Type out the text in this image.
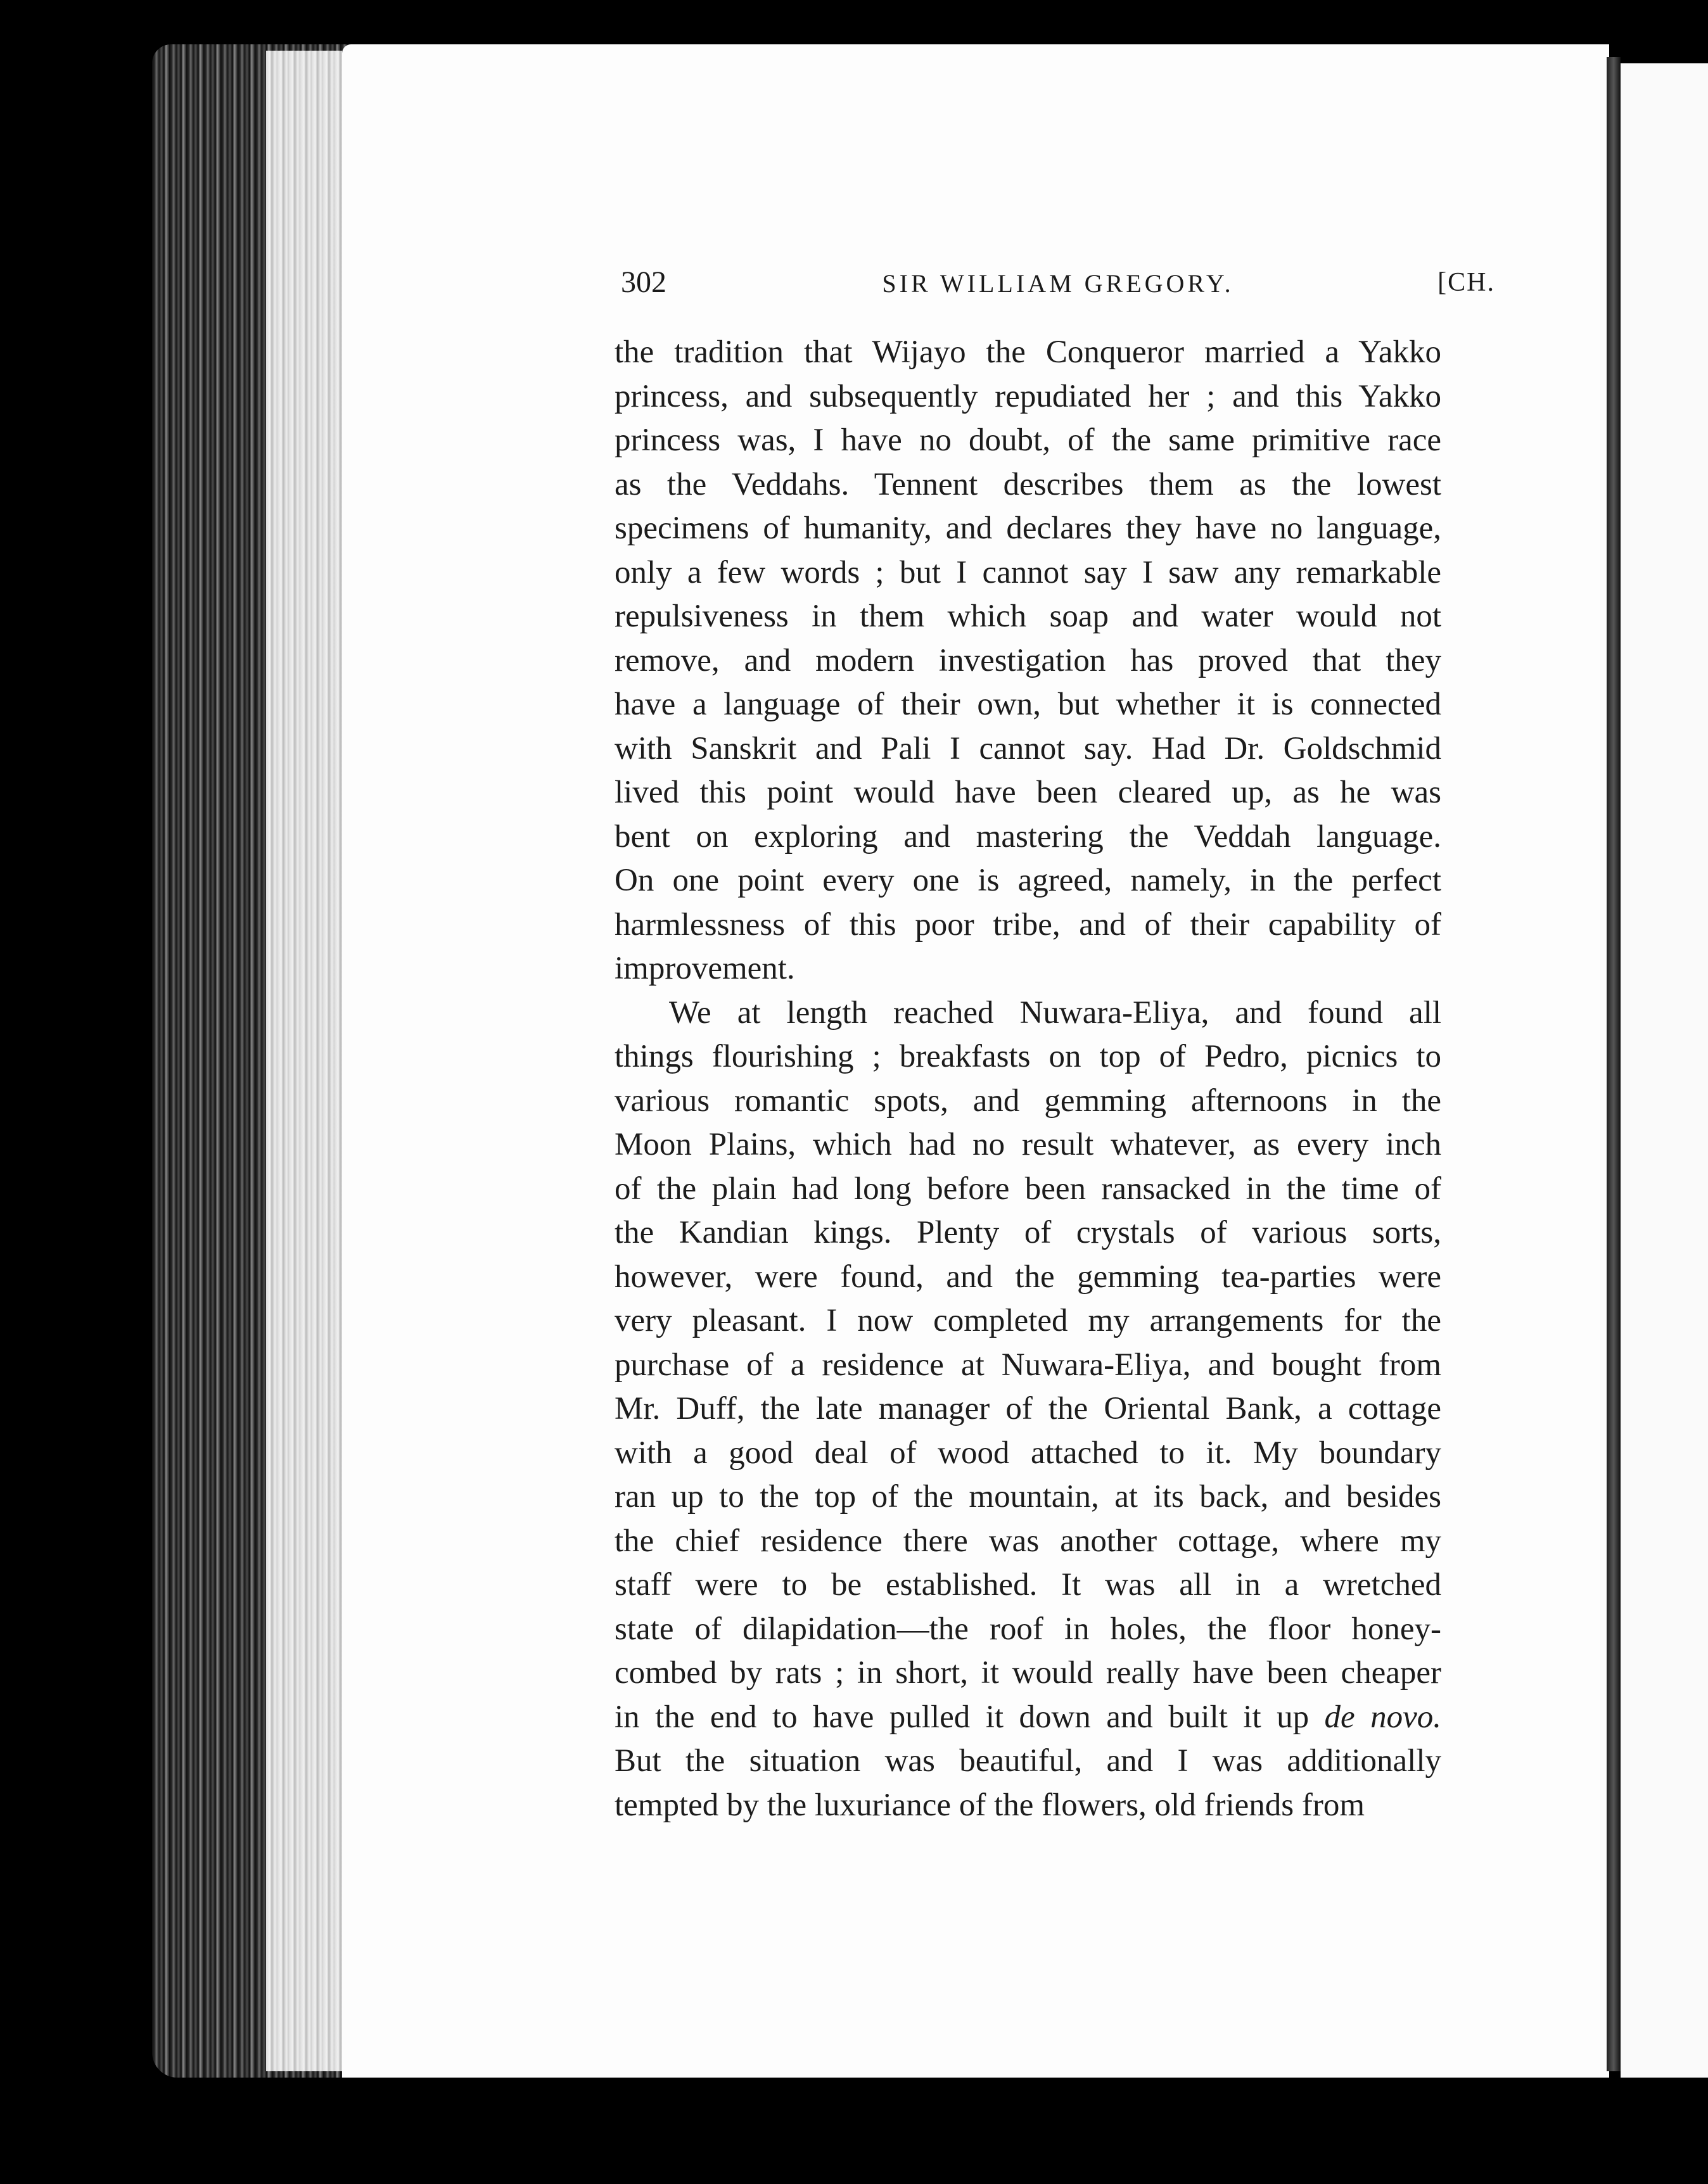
302	SIR WILLIAM GREGORY.	[CH.
the tradition that Wijayo the Conqueror married a Yakko
princess, and subsequently repudiated her ; and this Yakko
princess was, I have no doubt, of the same primitive race
as the Veddahs. Tennent describes them as the lowest
specimens of humanity, and declares they have no language,
only a few words ; but I cannot say I saw any remarkable
repulsiveness in them which soap and water would not
remove, and modern investigation has proved that they
have a language of their own, but whether it is connected
with Sanskrit and Pali I cannot say. Had Dr. Goldschmid
lived this point would have been cleared up, as he was
bent on exploring and mastering the Veddah language.
On one point every one is agreed, namely, in the perfect
harmlessness of this poor tribe, and of their capability of
improvement.
We at length reached Nuwara-Eliya, and found all
things flourishing ; breakfasts on top of Pedro, picnics to
various romantic spots, and gemming afternoons in the
Moon Plains, which had no result whatever, as every inch
of the plain had long before been ransacked in the time of
the Kandian kings. Plenty of crystals of various sorts,
however, were found, and the gemming tea-parties were
very pleasant. I now completed my arrangements for the
purchase of a residence at Nuwara-Eliya, and bought from
Mr. Duff, the late manager of the Oriental Bank, a cottage
with a good deal of wood attached to it. My boundary
ran up to the top of the mountain, at its back, and besides
the chief residence there was another cottage, where my
staff were to be established. It was all in a wretched
state of dilapidation—the roof in holes, the floor honey-
combed by rats ; in short, it would really have been cheaper
in the end to have pulled it down and built it up de novo.
But the situation was beautiful, and I was additionally
tempted by the luxuriance of the flowers, old friends from
